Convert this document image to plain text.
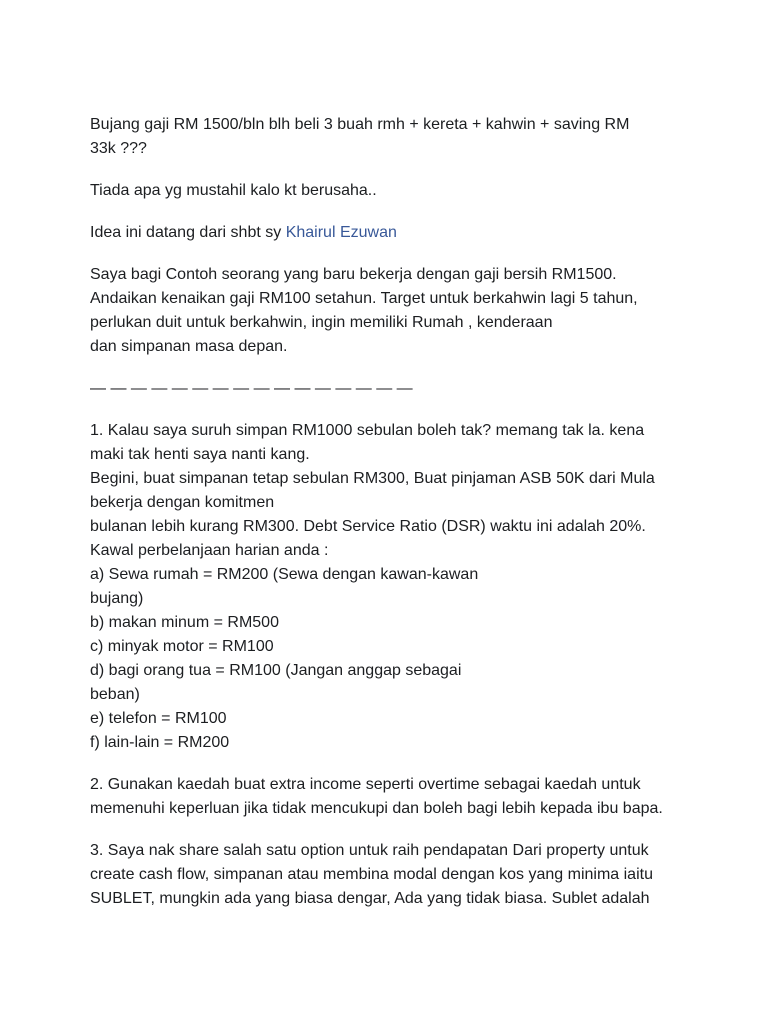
Bujang gaji RM 1500/bln blh beli 3 buah rmh + kereta + kahwin + saving RM
33k ???
Tiada apa yg mustahil kalo kt berusaha..
Idea ini datang dari shbt sy Khairul Ezuwan
Saya bagi Contoh seorang yang baru bekerja dengan gaji bersih RM1500.
Andaikan kenaikan gaji RM100 setahun. Target untuk berkahwin lagi 5 tahun,
perlukan duit untuk berkahwin, ingin memiliki Rumah , kenderaan
dan simpanan masa depan.
— — — — — — — — — — — — — — — —
1. Kalau saya suruh simpan RM1000 sebulan boleh tak? memang tak la. kena
maki tak henti saya nanti kang.
Begini, buat simpanan tetap sebulan RM300, Buat pinjaman ASB 50K dari Mula
bekerja dengan komitmen
bulanan lebih kurang RM300. Debt Service Ratio (DSR) waktu ini adalah 20%.
Kawal perbelanjaan harian anda :
a) Sewa rumah = RM200 (Sewa dengan kawan-kawan
bujang)
b) makan minum = RM500
c) minyak motor = RM100
d) bagi orang tua = RM100 (Jangan anggap sebagai
beban)
e) telefon = RM100
f) lain-lain = RM200
2. Gunakan kaedah buat extra income seperti overtime sebagai kaedah untuk
memenuhi keperluan jika tidak mencukupi dan boleh bagi lebih kepada ibu bapa.
3. Saya nak share salah satu option untuk raih pendapatan Dari property untuk
create cash flow, simpanan atau membina modal dengan kos yang minima iaitu
SUBLET, mungkin ada yang biasa dengar, Ada yang tidak biasa. Sublet adalah
